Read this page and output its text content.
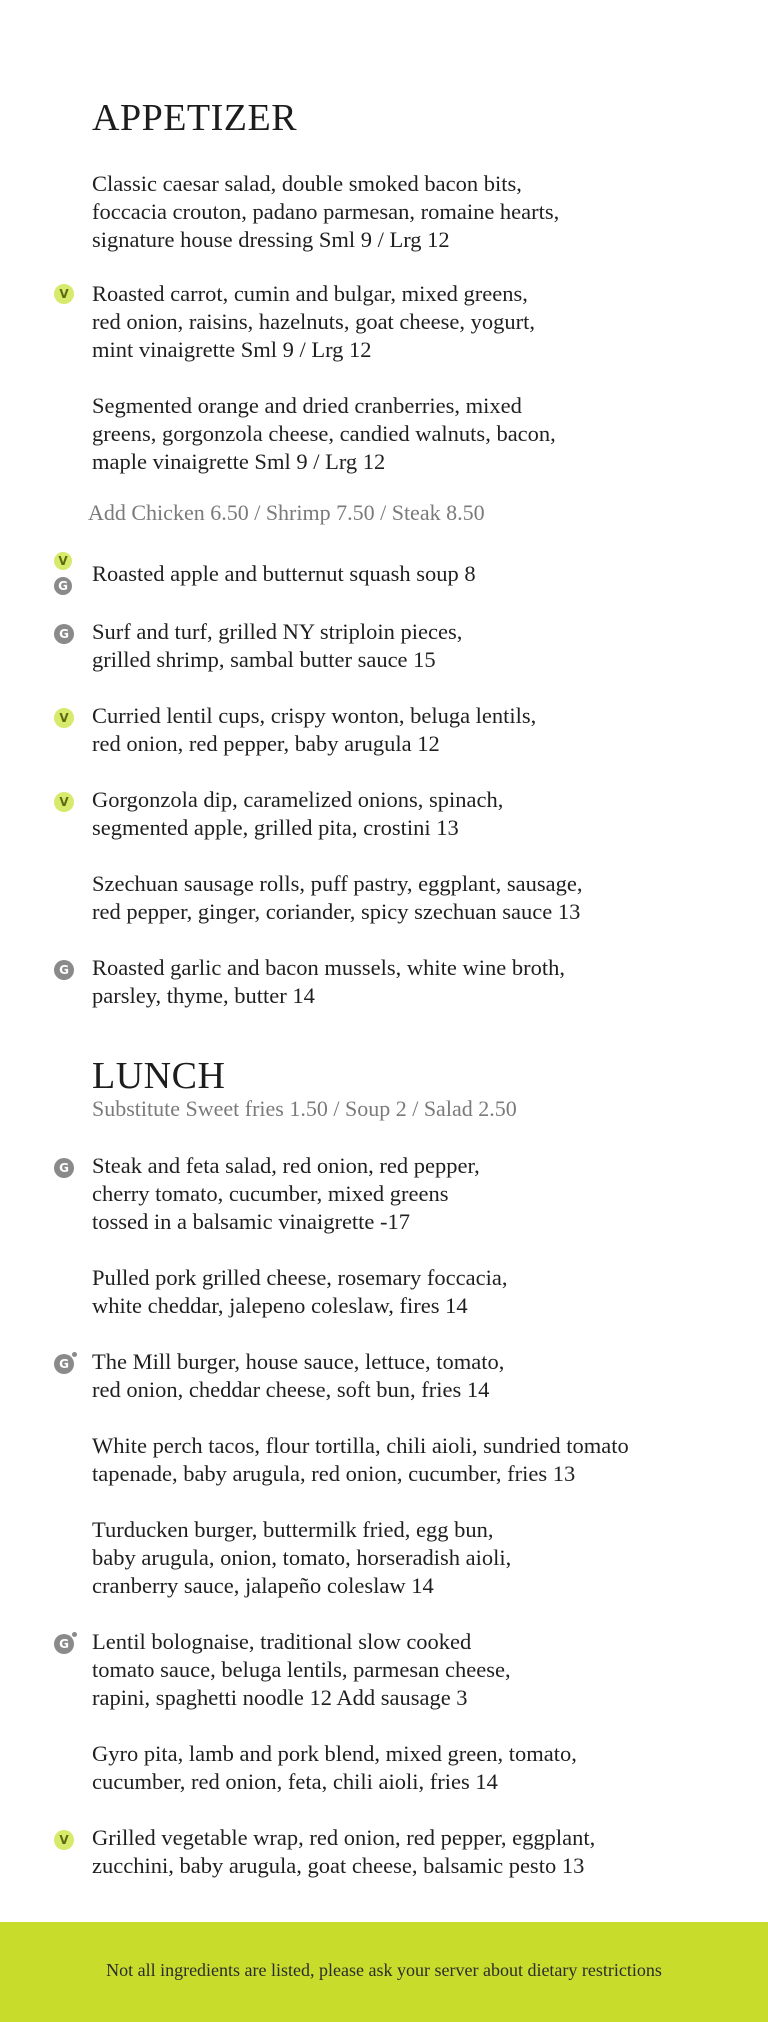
APPETIZER
Classic caesar salad, double smoked bacon bits,
foccacia crouton, padano parmesan, romaine hearts,
signature house dressing Sml 9 / Lrg 12
V Roasted carrot, cumin and bulgar, mixed greens,
red onion, raisins, hazelnuts, goat cheese, yogurt,
mint vinaigrette Sml 9 / Lrg 12
Segmented orange and dried cranberries, mixed
greens, gorgonzola cheese, candied walnuts, bacon,
maple vinaigrette Sml 9 / Lrg 12

Add Chicken 6.50 / Shrimp 7.50 / Steak 8.50

V
G Roasted apple and butternut squash soup 8
G Surf and turf, grilled NY striploin pieces,
grilled shrimp, sambal butter sauce 15
V Curried lentil cups, crispy wonton, beluga lentils,
red onion, red pepper, baby arugula 12
V Gorgonzola dip, caramelized onions, spinach,
segmented apple, grilled pita, crostini 13
Szechuan sausage rolls, puff pastry, eggplant, sausage,
red pepper, ginger, coriander, spicy szechuan sauce 13
G Roasted garlic and bacon mussels, white wine broth,
parsley, thyme, butter 14
LUNCH

Substitute Sweet fries 1.50 / Soup 2 / Salad 2.50

G Steak and feta salad, red onion, red pepper,
cherry tomato, cucumber, mixed greens
tossed in a balsamic vinaigrette -17
Pulled pork grilled cheese, rosemary foccacia,
white cheddar, jalepeno coleslaw, fires 14
G The Mill burger, house sauce, lettuce, tomato,
red onion, cheddar cheese, soft bun, fries 14
White perch tacos, flour tortilla, chili aioli, sundried tomato
tapenade, baby arugula, red onion, cucumber, fries 13
Turducken burger, buttermilk fried, egg bun,
baby arugula, onion, tomato, horseradish aioli,
cranberry sauce, jalapeño coleslaw 14
G Lentil bolognaise, traditional slow cooked
tomato sauce, beluga lentils, parmesan cheese,
rapini, spaghetti noodle 12 Add sausage 3
Gyro pita, lamb and pork blend, mixed green, tomato,
cucumber, red onion, feta, chili aioli, fries 14
V Grilled vegetable wrap, red onion, red pepper, eggplant,
zucchini, baby arugula, goat cheese, balsamic pesto 13
Not all ingredients are listed, please ask your server about dietary restrictions
